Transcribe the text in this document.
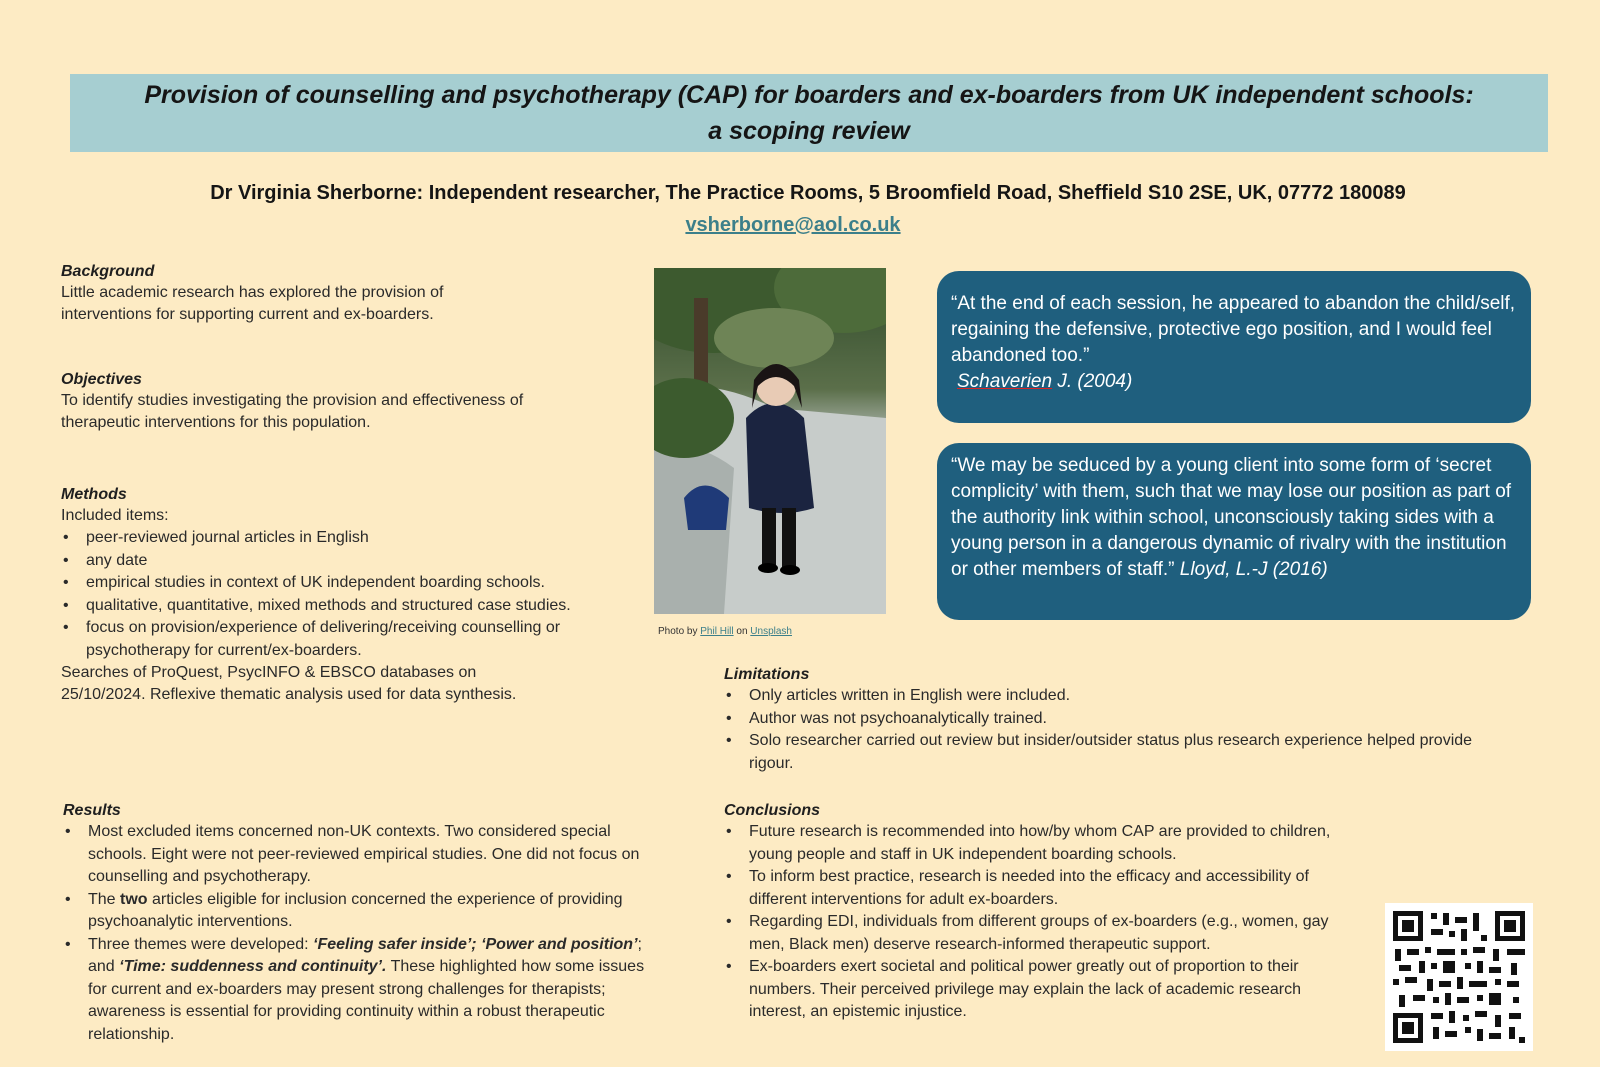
Provision of counselling and psychotherapy (CAP) for boarders and ex-boarders from UK independent schools:
a scoping review
Dr Virginia Sherborne: Independent researcher, The Practice Rooms, 5 Broomfield Road, Sheffield S10 2SE, UK, 07772 180089
vsherborne@aol.co.uk
Background
Little academic research has explored the provision of
interventions for supporting current and ex-boarders.
Objectives
To identify studies investigating the provision and effectiveness of
therapeutic interventions for this population.
Methods
Included items:
• peer-reviewed journal articles in English
• any date
• empirical studies in context of UK independent boarding schools.
• qualitative, quantitative, mixed methods and structured case studies.
• focus on provision/experience of delivering/receiving counselling or psychotherapy for current/ex-boarders.
Searches of ProQuest, PsycINFO & EBSCO databases on
25/10/2024. Reflexive thematic analysis used for data synthesis.
Results
• Most excluded items concerned non-UK contexts. Two considered special schools. Eight were not peer-reviewed empirical studies. One did not focus on counselling and psychotherapy.
• The two articles eligible for inclusion concerned the experience of providing psychoanalytic interventions.
• Three themes were developed: ‘Feeling safer inside’; ‘Power and position’; and ‘Time: suddenness and continuity’. These highlighted how some issues for current and ex-boarders may present strong challenges for therapists; awareness is essential for providing continuity within a robust therapeutic relationship.
Photo by Phil Hill on Unsplash
“At the end of each session, he appeared to abandon the child/self, regaining the defensive, protective ego position, and I would feel abandoned too.”
Schaverien J. (2004)
“We may be seduced by a young client into some form of ‘secret complicity’ with them, such that we may lose our position as part of the authority link within school, unconsciously taking sides with a young person in a dangerous dynamic of rivalry with the institution or other members of staff.” Lloyd, L.-J (2016)
Limitations
• Only articles written in English were included.
• Author was not psychoanalytically trained.
• Solo researcher carried out review but insider/outsider status plus research experience helped provide rigour.
Conclusions
• Future research is recommended into how/by whom CAP are provided to children, young people and staff in UK independent boarding schools.
• To inform best practice, research is needed into the efficacy and accessibility of different interventions for adult ex-boarders.
• Regarding EDI, individuals from different groups of ex-boarders (e.g., women, gay men, Black men) deserve research-informed therapeutic support.
• Ex-boarders exert societal and political power greatly out of proportion to their numbers. Their perceived privilege may explain the lack of academic research interest, an epistemic injustice.
